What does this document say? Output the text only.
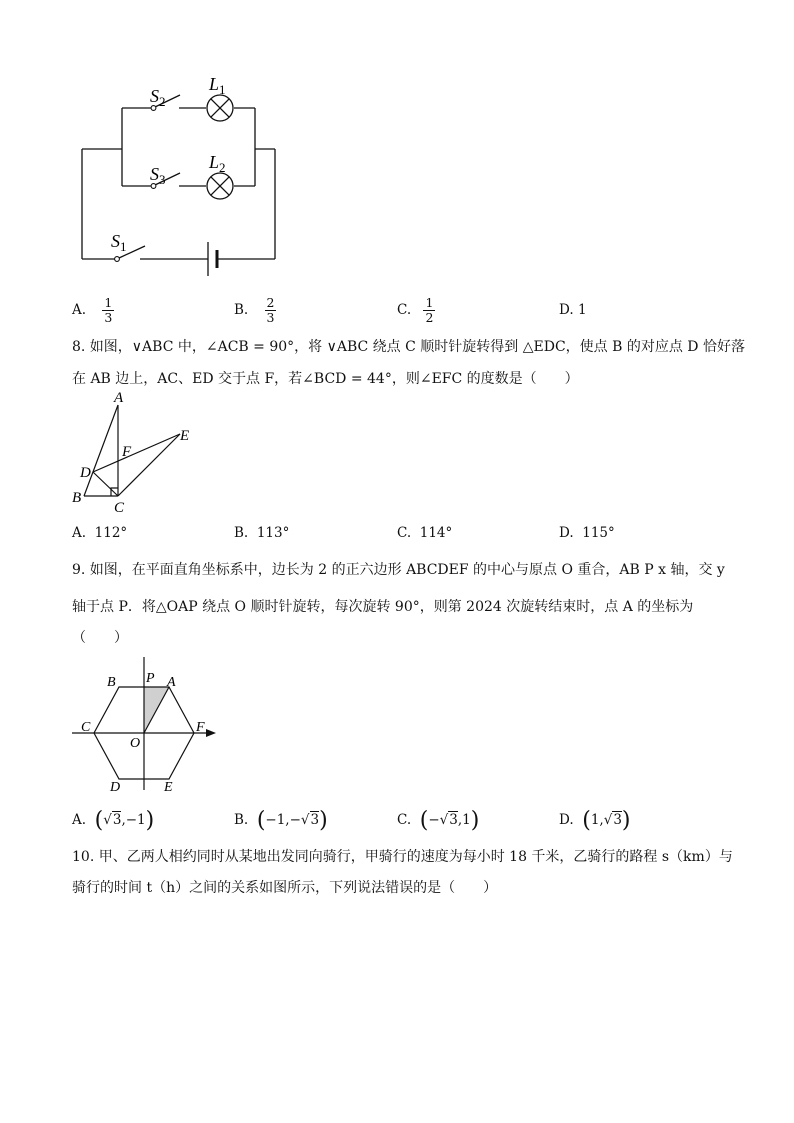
$S_2$
$L_1$
$S_3$
$L_2$
$S_1$
A. $\frac{1}{3}$	B. $\frac{2}{3}$	C. $\frac{1}{2}$	D. 1
8. 如图，∨ABC 中，∠ACB = 90°，将 ∨ABC 绕点 C 顺时针旋转得到 △EDC，使点 B 的对应点 D 恰好落
在 AB 边上，AC、ED 交于点 F，若∠BCD = 44°，则∠EFC 的度数是（　　）
A
E
F
D
B
C
A. 112°	B. 113°	C. 114°	D. 115°
9. 如图，在平面直角坐标系中，边长为 2 的正六边形 ABCDEF 的中心与原点 O 重合，AB P x 轴，交 y
轴于点 P．将△OAP 绕点 O 顺时针旋转，每次旋转 90°，则第 2024 次旋转结束时，点 A 的坐标为
（　　）
B P A
C	F
O
D	E
A. (√3,−1)	B. (−1,−√3)	C. (−√3,1)	D. (1,√3)
10. 甲、乙两人相约同时从某地出发同向骑行，甲骑行的速度为每小时 18 千米，乙骑行的路程 s（km）与
骑行的时间 t（h）之间的关系如图所示，下列说法错误的是（　　）
